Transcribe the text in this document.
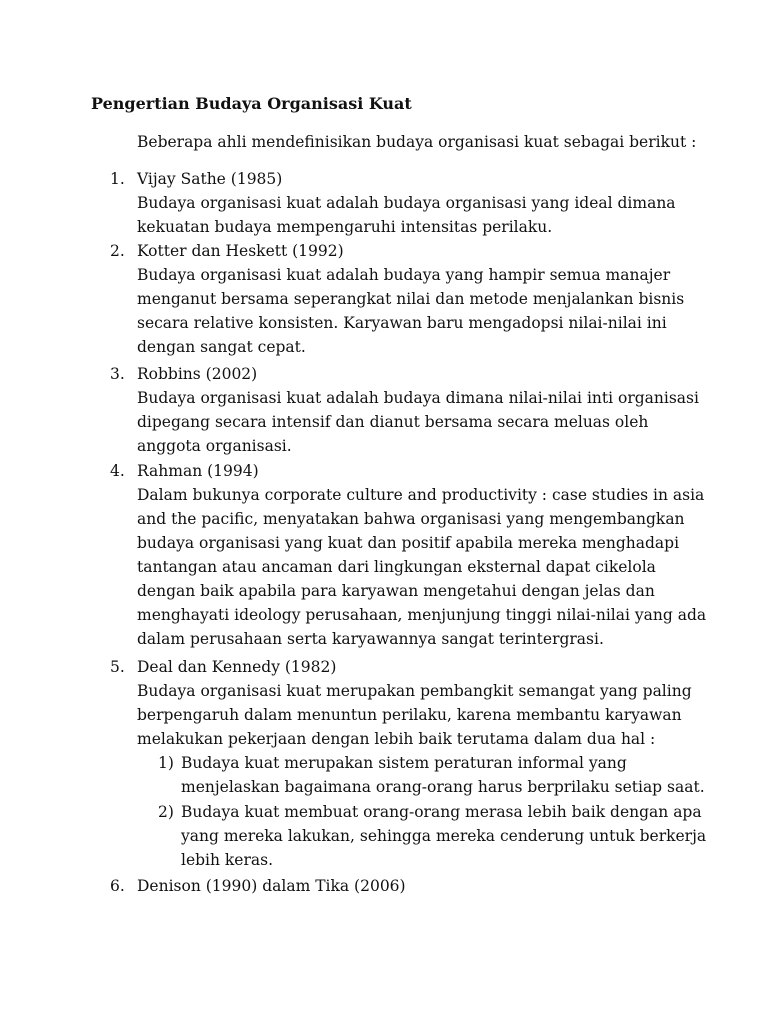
Pengertian Budaya Organisasi Kuat
Beberapa ahli mendefinisikan budaya organisasi kuat sebagai berikut :
1. Vijay Sathe (1985)
Budaya organisasi kuat adalah budaya organisasi yang ideal dimana
kekuatan budaya mempengaruhi intensitas perilaku.
2. Kotter dan Heskett (1992)
Budaya organisasi kuat adalah budaya yang hampir semua manajer
menganut bersama seperangkat nilai dan metode menjalankan bisnis
secara relative konsisten. Karyawan baru mengadopsi nilai-nilai ini
dengan sangat cepat.
3. Robbins (2002)
Budaya organisasi kuat adalah budaya dimana nilai-nilai inti organisasi
dipegang secara intensif dan dianut bersama secara meluas oleh
anggota organisasi.
4. Rahman (1994)
Dalam bukunya corporate culture and productivity : case studies in asia
and the pacific, menyatakan bahwa organisasi yang mengembangkan
budaya organisasi yang kuat dan positif apabila mereka menghadapi
tantangan atau ancaman dari lingkungan eksternal dapat cikelola
dengan baik apabila para karyawan mengetahui dengan jelas dan
menghayati ideology perusahaan, menjunjung tinggi nilai-nilai yang ada
dalam perusahaan serta karyawannya sangat terintergrasi.
5. Deal dan Kennedy (1982)
Budaya organisasi kuat merupakan pembangkit semangat yang paling
berpengaruh dalam menuntun perilaku, karena membantu karyawan
melakukan pekerjaan dengan lebih baik terutama dalam dua hal :
1) Budaya kuat merupakan sistem peraturan informal yang
menjelaskan bagaimana orang-orang harus berprilaku setiap saat.
2) Budaya kuat membuat orang-orang merasa lebih baik dengan apa
yang mereka lakukan, sehingga mereka cenderung untuk berkerja
lebih keras.
6. Denison (1990) dalam Tika (2006)
